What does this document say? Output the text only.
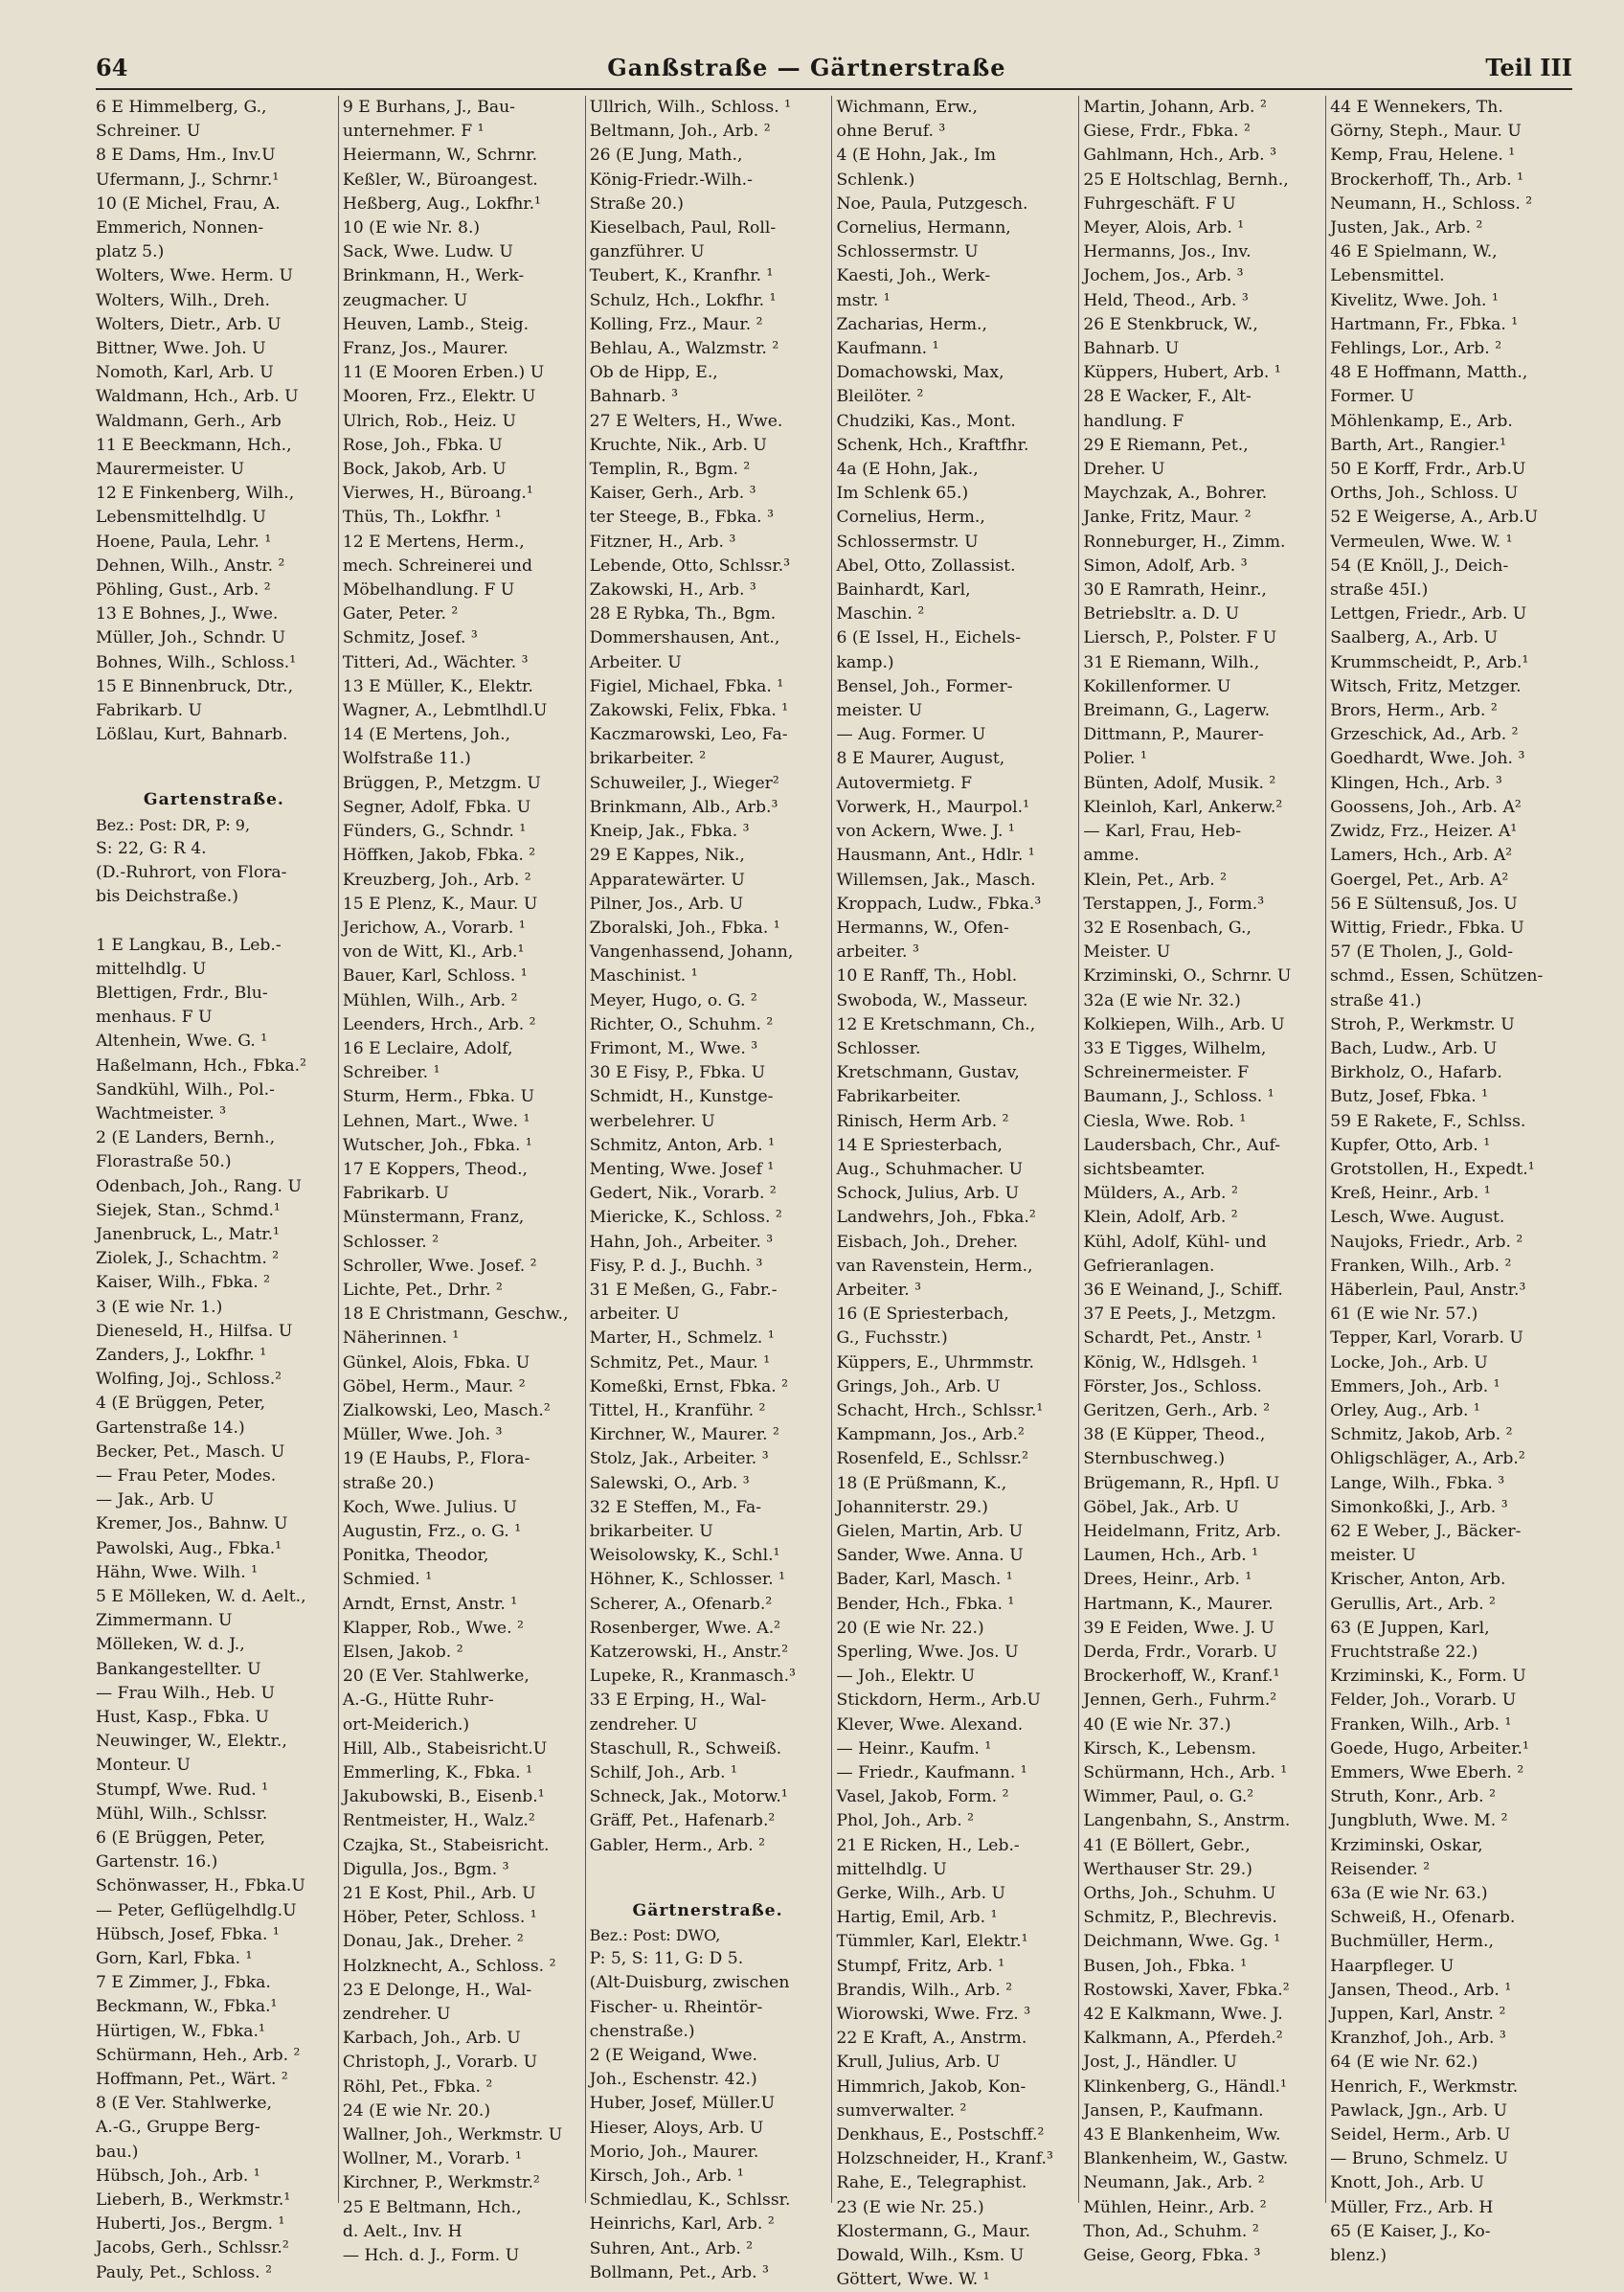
64	Ganßstraße — Gärtnerstraße	Teil III
6 E Himmelberg, G.,
Schreiner. U
8 E Dams, Hm., Inv.U
Ufermann, J., Schrnr.¹
10 (E Michel, Frau, A.
Emmerich, Nonnen-
platz 5.)
Wolters, Wwe. Herm. U
Wolters, Wilh., Dreh.
Wolters, Dietr., Arb. U
Bittner, Wwe. Joh. U
Nomoth, Karl, Arb. U
Waldmann, Hch., Arb. U
Waldmann, Gerh., Arb
11 E Beeckmann, Hch.,
Maurermeister. U
12 E Finkenberg, Wilh.,
Lebensmittelhdlg. U
Hoene, Paula, Lehr. ¹
Dehnen, Wilh., Anstr. ²
Pöhling, Gust., Arb. ²
13 E Bohnes, J., Wwe.
Müller, Joh., Schndr. U
Bohnes, Wilh., Schloss.¹
15 E Binnenbruck, Dtr.,
Fabrikarb. U
Lößlau, Kurt, Bahnarb.
Gartenstraße.
Bez.: Post: DR, P: 9,
S: 22, G: R 4.
(D.-Ruhrort, von Flora-
bis Deichstraße.)
1 E Langkau, B., Leb.-
mittelhdlg. U
Blettigen, Frdr., Blu-
menhaus. F U
Altenhein, Wwe. G. ¹
Haßelmann, Hch., Fbka.²
Sandkühl, Wilh., Pol.-
Wachtmeister. ³
2 (E Landers, Bernh.,
Florastraße 50.)
Odenbach, Joh., Rang. U
Siejek, Stan., Schmd.¹
Janenbruck, L., Matr.¹
Ziolek, J., Schachtm. ²
Kaiser, Wilh., Fbka. ²
3 (E wie Nr. 1.)
Dieneseld, H., Hilfsa. U
Zanders, J., Lokfhr. ¹
Wolfing, Joj., Schloss.²
4 (E Brüggen, Peter,
Gartenstraße 14.)
Becker, Pet., Masch. U
— Frau Peter, Modes.
— Jak., Arb. U
Kremer, Jos., Bahnw. U
Pawolski, Aug., Fbka.¹
Hähn, Wwe. Wilh. ¹
5 E Mölleken, W. d. Aelt.,
Zimmermann. U
Mölleken, W. d. J.,
Bankangestellter. U
— Frau Wilh., Heb. U
Hust, Kasp., Fbka. U
Neuwinger, W., Elektr.,
Monteur. U
Stumpf, Wwe. Rud. ¹
Mühl, Wilh., Schlssr.
6 (E Brüggen, Peter,
Gartenstr. 16.)
Schönwasser, H., Fbka.U
— Peter, Geflügelhdlg.U
Hübsch, Josef, Fbka. ¹
Gorn, Karl, Fbka. ¹
7 E Zimmer, J., Fbka.
Beckmann, W., Fbka.¹
Hürtigen, W., Fbka.¹
Schürmann, Heh., Arb. ²
Hoffmann, Pet., Wärt. ²
8 (E Ver. Stahlwerke,
A.-G., Gruppe Berg-
bau.)
Hübsch, Joh., Arb. ¹
Lieberh, B., Werkmstr.¹
Huberti, Jos., Bergm. ¹
Jacobs, Gerh., Schlssr.²
Pauly, Pet., Schloss. ²
9 E Burhans, J., Bau-
unternehmer. F ¹
Heiermann, W., Schrnr.
Keßler, W., Büroangest.
Heßberg, Aug., Lokfhr.¹
10 (E wie Nr. 8.)
Sack, Wwe. Ludw. U
Brinkmann, H., Werk-
zeugmacher. U
Heuven, Lamb., Steig.
Franz, Jos., Maurer.
11 (E Mooren Erben.) U
Mooren, Frz., Elektr. U
Ulrich, Rob., Heiz. U
Rose, Joh., Fbka. U
Bock, Jakob, Arb. U
Vierwes, H., Büroang.¹
Thüs, Th., Lokfhr. ¹
12 E Mertens, Herm.,
mech. Schreinerei und
Möbelhandlung. F U
Gater, Peter. ²
Schmitz, Josef. ³
Titteri, Ad., Wächter. ³
13 E Müller, K., Elektr.
Wagner, A., Lebmtlhdl.U
14 (E Mertens, Joh.,
Wolfstraße 11.)
Brüggen, P., Metzgm. U
Segner, Adolf, Fbka. U
Fünders, G., Schndr. ¹
Höffken, Jakob, Fbka. ²
Kreuzberg, Joh., Arb. ²
15 E Plenz, K., Maur. U
Jerichow, A., Vorarb. ¹
von de Witt, Kl., Arb.¹
Bauer, Karl, Schloss. ¹
Mühlen, Wilh., Arb. ²
Leenders, Hrch., Arb. ²
16 E Leclaire, Adolf,
Schreiber. ¹
Sturm, Herm., Fbka. U
Lehnen, Mart., Wwe. ¹
Wutscher, Joh., Fbka. ¹
17 E Koppers, Theod.,
Fabrikarb. U
Münstermann, Franz,
Schlosser. ²
Schroller, Wwe. Josef. ²
Lichte, Pet., Drhr. ²
18 E Christmann, Geschw.,
Näherinnen. ¹
Günkel, Alois, Fbka. U
Göbel, Herm., Maur. ²
Zialkowski, Leo, Masch.²
Müller, Wwe. Joh. ³
19 (E Haubs, P., Flora-
straße 20.)
Koch, Wwe. Julius. U
Augustin, Frz., o. G. ¹
Ponitka, Theodor,
Schmied. ¹
Arndt, Ernst, Anstr. ¹
Klapper, Rob., Wwe. ²
Elsen, Jakob. ²
20 (E Ver. Stahlwerke,
A.-G., Hütte Ruhr-
ort-Meiderich.)
Hill, Alb., Stabeisricht.U
Emmerling, K., Fbka. ¹
Jakubowski, B., Eisenb.¹
Rentmeister, H., Walz.²
Czajka, St., Stabeisricht.
Digulla, Jos., Bgm. ³
21 E Kost, Phil., Arb. U
Höber, Peter, Schloss. ¹
Donau, Jak., Dreher. ²
Holzknecht, A., Schloss. ²
23 E Delonge, H., Wal-
zendreher. U
Karbach, Joh., Arb. U
Christoph, J., Vorarb. U
Röhl, Pet., Fbka. ²
24 (E wie Nr. 20.)
Wallner, Joh., Werkmstr. U
Wollner, M., Vorarb. ¹
Kirchner, P., Werkmstr.²
25 E Beltmann, Hch.,
d. Aelt., Inv. H
— Hch. d. J., Form. U
Ullrich, Wilh., Schloss. ¹
Beltmann, Joh., Arb. ²
26 (E Jung, Math.,
König-Friedr.-Wilh.-
Straße 20.)
Kieselbach, Paul, Roll-
ganzführer. U
Teubert, K., Kranfhr. ¹
Schulz, Hch., Lokfhr. ¹
Kolling, Frz., Maur. ²
Behlau, A., Walzmstr. ²
Ob de Hipp, E.,
Bahnarb. ³
27 E Welters, H., Wwe.
Kruchte, Nik., Arb. U
Templin, R., Bgm. ²
Kaiser, Gerh., Arb. ³
ter Steege, B., Fbka. ³
Fitzner, H., Arb. ³
Lebende, Otto, Schlssr.³
Zakowski, H., Arb. ³
28 E Rybka, Th., Bgm.
Dommershausen, Ant.,
Arbeiter. U
Figiel, Michael, Fbka. ¹
Zakowski, Felix, Fbka. ¹
Kaczmarowski, Leo, Fa-
brikarbeiter. ²
Schuweiler, J., Wieger²
Brinkmann, Alb., Arb.³
Kneip, Jak., Fbka. ³
29 E Kappes, Nik.,
Apparatewärter. U
Pilner, Jos., Arb. U
Zboralski, Joh., Fbka. ¹
Vangenhassend, Johann,
Maschinist. ¹
Meyer, Hugo, o. G. ²
Richter, O., Schuhm. ²
Frimont, M., Wwe. ³
30 E Fisy, P., Fbka. U
Schmidt, H., Kunstge-
werbelehrer. U
Schmitz, Anton, Arb. ¹
Menting, Wwe. Josef ¹
Gedert, Nik., Vorarb. ²
Miericke, K., Schloss. ²
Hahn, Joh., Arbeiter. ³
Fisy, P. d. J., Buchh. ³
31 E Meßen, G., Fabr.-
arbeiter. U
Marter, H., Schmelz. ¹
Schmitz, Pet., Maur. ¹
Komeßki, Ernst, Fbka. ²
Tittel, H., Kranführ. ²
Kirchner, W., Maurer. ²
Stolz, Jak., Arbeiter. ³
Salewski, O., Arb. ³
32 E Steffen, M., Fa-
brikarbeiter. U
Weisolowsky, K., Schl.¹
Höhner, K., Schlosser. ¹
Scherer, A., Ofenarb.²
Rosenberger, Wwe. A.²
Katzerowski, H., Anstr.²
Lupeke, R., Kranmasch.³
33 E Erping, H., Wal-
zendreher. U
Staschull, R., Schweiß.
Schilf, Joh., Arb. ¹
Schneck, Jak., Motorw.¹
Gräff, Pet., Hafenarb.²
Gabler, Herm., Arb. ²
Gärtnerstraße.
Bez.: Post: DWO,
P: 5, S: 11, G: D 5.
(Alt-Duisburg, zwischen
Fischer- u. Rheintör-
chenstraße.)
2 (E Weigand, Wwe.
Joh., Eschenstr. 42.)
Huber, Josef, Müller.U
Hieser, Aloys, Arb. U
Morio, Joh., Maurer.
Kirsch, Joh., Arb. ¹
Schmiedlau, K., Schlssr.
Heinrichs, Karl, Arb. ²
Suhren, Ant., Arb. ²
Bollmann, Pet., Arb. ³
Wichmann, Erw.,
ohne Beruf. ³
4 (E Hohn, Jak., Im
Schlenk.)
Noe, Paula, Putzgesch.
Cornelius, Hermann,
Schlossermstr. U
Kaesti, Joh., Werk-
mstr. ¹
Zacharias, Herm.,
Kaufmann. ¹
Domachowski, Max,
Bleilöter. ²
Chudziki, Kas., Mont.
Schenk, Hch., Kraftfhr.
4a (E Hohn, Jak.,
Im Schlenk 65.)
Cornelius, Herm.,
Schlossermstr. U
Abel, Otto, Zollassist.
Bainhardt, Karl,
Maschin. ²
6 (E Issel, H., Eichels-
kamp.)
Bensel, Joh., Former-
meister. U
— Aug. Former. U
8 E Maurer, August,
Autovermietg. F
Vorwerk, H., Maurpol.¹
von Ackern, Wwe. J. ¹
Hausmann, Ant., Hdlr. ¹
Willemsen, Jak., Masch.
Kroppach, Ludw., Fbka.³
Hermanns, W., Ofen-
arbeiter. ³
10 E Ranff, Th., Hobl.
Swoboda, W., Masseur.
12 E Kretschmann, Ch.,
Schlosser.
Kretschmann, Gustav,
Fabrikarbeiter.
Rinisch, Herm Arb. ²
14 E Spriesterbach,
Aug., Schuhmacher. U
Schock, Julius, Arb. U
Landwehrs, Joh., Fbka.²
Eisbach, Joh., Dreher.
van Ravenstein, Herm.,
Arbeiter. ³
16 (E Spriesterbach,
G., Fuchsstr.)
Küppers, E., Uhrmmstr.
Grings, Joh., Arb. U
Schacht, Hrch., Schlssr.¹
Kampmann, Jos., Arb.²
Rosenfeld, E., Schlssr.²
18 (E Prüßmann, K.,
Johanniterstr. 29.)
Gielen, Martin, Arb. U
Sander, Wwe. Anna. U
Bader, Karl, Masch. ¹
Bender, Hch., Fbka. ¹
20 (E wie Nr. 22.)
Sperling, Wwe. Jos. U
— Joh., Elektr. U
Stickdorn, Herm., Arb.U
Klever, Wwe. Alexand.
— Heinr., Kaufm. ¹
— Friedr., Kaufmann. ¹
Vasel, Jakob, Form. ²
Phol, Joh., Arb. ²
21 E Ricken, H., Leb.-
mittelhdlg. U
Gerke, Wilh., Arb. U
Hartig, Emil, Arb. ¹
Tümmler, Karl, Elektr.¹
Stumpf, Fritz, Arb. ¹
Brandis, Wilh., Arb. ²
Wiorowski, Wwe. Frz. ³
22 E Kraft, A., Anstrm.
Krull, Julius, Arb. U
Himmrich, Jakob, Kon-
sumverwalter. ²
Denkhaus, E., Postschff.²
Holzschneider, H., Kranf.³
Rahe, E., Telegraphist.
23 (E wie Nr. 25.)
Klostermann, G., Maur.
Dowald, Wilh., Ksm. U
Göttert, Wwe. W. ¹
Martin, Johann, Arb. ²
Giese, Frdr., Fbka. ²
Gahlmann, Hch., Arb. ³
25 E Holtschlag, Bernh.,
Fuhrgeschäft. F U
Meyer, Alois, Arb. ¹
Hermanns, Jos., Inv.
Jochem, Jos., Arb. ³
Held, Theod., Arb. ³
26 E Stenkbruck, W.,
Bahnarb. U
Küppers, Hubert, Arb. ¹
28 E Wacker, F., Alt-
handlung. F
29 E Riemann, Pet.,
Dreher. U
Maychzak, A., Bohrer.
Janke, Fritz, Maur. ²
Ronneburger, H., Zimm.
Simon, Adolf, Arb. ³
30 E Ramrath, Heinr.,
Betriebsltr. a. D. U
Liersch, P., Polster. F U
31 E Riemann, Wilh.,
Kokillenformer. U
Breimann, G., Lagerw.
Dittmann, P., Maurer-
Polier. ¹
Bünten, Adolf, Musik. ²
Kleinloh, Karl, Ankerw.²
— Karl, Frau, Heb-
amme.
Klein, Pet., Arb. ²
Terstappen, J., Form.³
32 E Rosenbach, G.,
Meister. U
Krziminski, O., Schrnr. U
32a (E wie Nr. 32.)
Kolkiepen, Wilh., Arb. U
33 E Tigges, Wilhelm,
Schreinermeister. F
Baumann, J., Schloss. ¹
Ciesla, Wwe. Rob. ¹
Laudersbach, Chr., Auf-
sichtsbeamter.
Mülders, A., Arb. ²
Klein, Adolf, Arb. ²
Kühl, Adolf, Kühl- und
Gefrieranlagen.
36 E Weinand, J., Schiff.
37 E Peets, J., Metzgm.
Schardt, Pet., Anstr. ¹
König, W., Hdlsgeh. ¹
Förster, Jos., Schloss.
Geritzen, Gerh., Arb. ²
38 (E Küpper, Theod.,
Sternbuschweg.)
Brügemann, R., Hpfl. U
Göbel, Jak., Arb. U
Heidelmann, Fritz, Arb.
Laumen, Hch., Arb. ¹
Drees, Heinr., Arb. ¹
Hartmann, K., Maurer.
39 E Feiden, Wwe. J. U
Derda, Frdr., Vorarb. U
Brockerhoff, W., Kranf.¹
Jennen, Gerh., Fuhrm.²
40 (E wie Nr. 37.)
Kirsch, K., Lebensm.
Schürmann, Hch., Arb. ¹
Wimmer, Paul, o. G.²
Langenbahn, S., Anstrm.
41 (E Böllert, Gebr.,
Werthauser Str. 29.)
Orths, Joh., Schuhm. U
Schmitz, P., Blechrevis.
Deichmann, Wwe. Gg. ¹
Busen, Joh., Fbka. ¹
Rostowski, Xaver, Fbka.²
42 E Kalkmann, Wwe. J.
Kalkmann, A., Pferdeh.²
Jost, J., Händler. U
Klinkenberg, G., Händl.¹
Jansen, P., Kaufmann.
43 E Blankenheim, Ww.
Blankenheim, W., Gastw.
Neumann, Jak., Arb. ²
Mühlen, Heinr., Arb. ²
Thon, Ad., Schuhm. ²
Geise, Georg, Fbka. ³
44 E Wennekers, Th.
Görny, Steph., Maur. U
Kemp, Frau, Helene. ¹
Brockerhoff, Th., Arb. ¹
Neumann, H., Schloss. ²
Justen, Jak., Arb. ²
46 E Spielmann, W.,
Lebensmittel.
Kivelitz, Wwe. Joh. ¹
Hartmann, Fr., Fbka. ¹
Fehlings, Lor., Arb. ²
48 E Hoffmann, Matth.,
Former. U
Möhlenkamp, E., Arb.
Barth, Art., Rangier.¹
50 E Korff, Frdr., Arb.U
Orths, Joh., Schloss. U
52 E Weigerse, A., Arb.U
Vermeulen, Wwe. W. ¹
54 (E Knöll, J., Deich-
straße 45I.)
Lettgen, Friedr., Arb. U
Saalberg, A., Arb. U
Krummscheidt, P., Arb.¹
Witsch, Fritz, Metzger.
Brors, Herm., Arb. ²
Grzeschick, Ad., Arb. ²
Goedhardt, Wwe. Joh. ³
Klingen, Hch., Arb. ³
Goossens, Joh., Arb. A²
Zwidz, Frz., Heizer. A¹
Lamers, Hch., Arb. A²
Goergel, Pet., Arb. A²
56 E Sültensuß, Jos. U
Wittig, Friedr., Fbka. U
57 (E Tholen, J., Gold-
schmd., Essen, Schützen-
straße 41.)
Stroh, P., Werkmstr. U
Bach, Ludw., Arb. U
Birkholz, O., Hafarb.
Butz, Josef, Fbka. ¹
59 E Rakete, F., Schlss.
Kupfer, Otto, Arb. ¹
Grotstollen, H., Expedt.¹
Kreß, Heinr., Arb. ¹
Lesch, Wwe. August.
Naujoks, Friedr., Arb. ²
Franken, Wilh., Arb. ²
Häberlein, Paul, Anstr.³
61 (E wie Nr. 57.)
Tepper, Karl, Vorarb. U
Locke, Joh., Arb. U
Emmers, Joh., Arb. ¹
Orley, Aug., Arb. ¹
Schmitz, Jakob, Arb. ²
Ohligschläger, A., Arb.²
Lange, Wilh., Fbka. ³
Simonkoßki, J., Arb. ³
62 E Weber, J., Bäcker-
meister. U
Krischer, Anton, Arb.
Gerullis, Art., Arb. ²
63 (E Juppen, Karl,
Fruchtstraße 22.)
Krziminski, K., Form. U
Felder, Joh., Vorarb. U
Franken, Wilh., Arb. ¹
Goede, Hugo, Arbeiter.¹
Emmers, Wwe Eberh. ²
Struth, Konr., Arb. ²
Jungbluth, Wwe. M. ²
Krziminski, Oskar,
Reisender. ²
63a (E wie Nr. 63.)
Schweiß, H., Ofenarb.
Buchmüller, Herm.,
Haarpfleger. U
Jansen, Theod., Arb. ¹
Juppen, Karl, Anstr. ²
Kranzhof, Joh., Arb. ³
64 (E wie Nr. 62.)
Henrich, F., Werkmstr.
Pawlack, Jgn., Arb. U
Seidel, Herm., Arb. U
— Bruno, Schmelz. U
Knott, Joh., Arb. U
Müller, Frz., Arb. H
65 (E Kaiser, J., Ko-
blenz.)
